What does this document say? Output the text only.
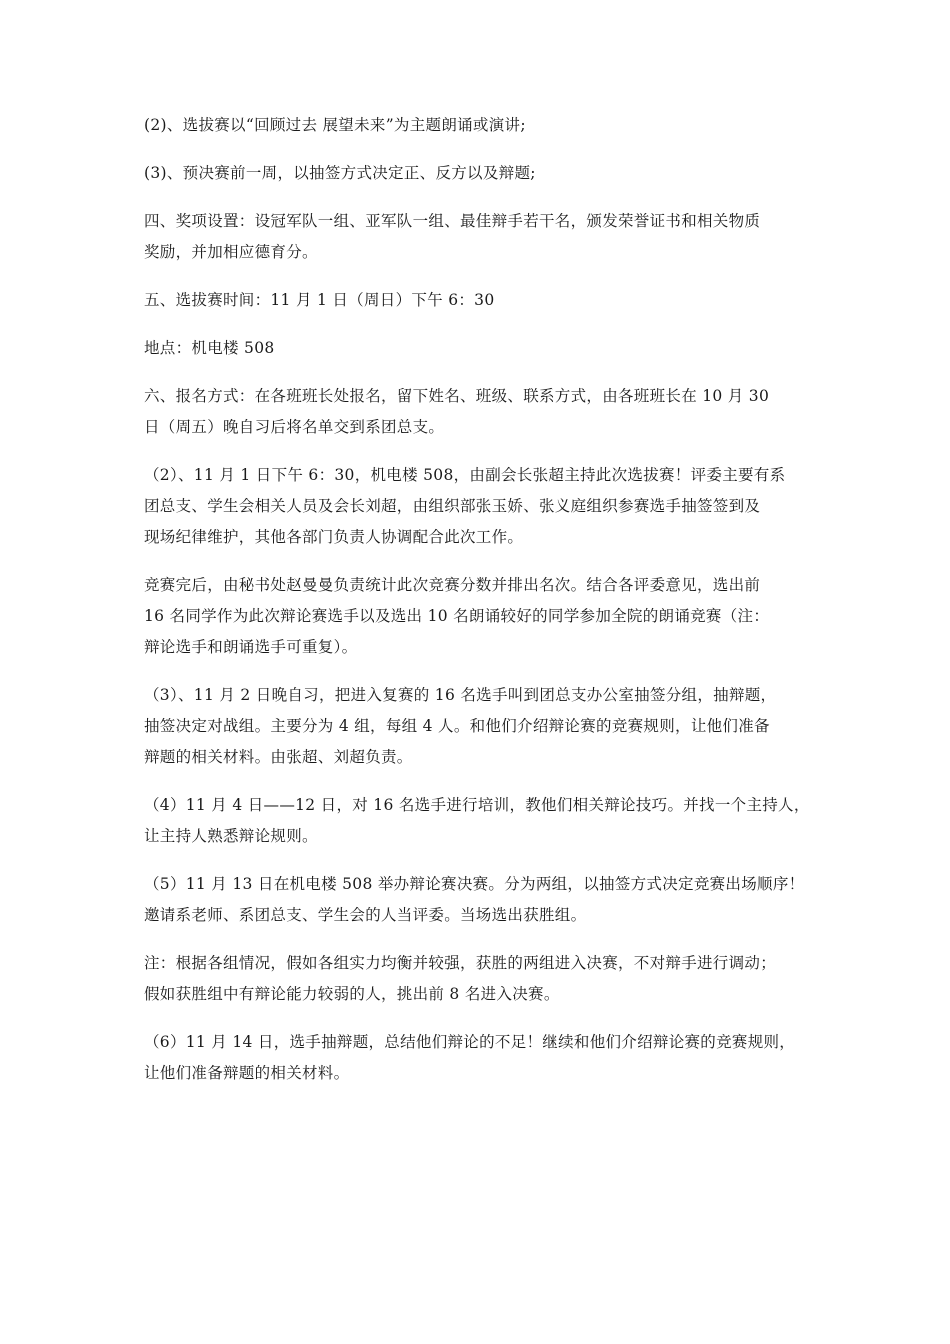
(2)、选拔赛以“回顾过去 展望未来”为主题朗诵或演讲;

(3)、预决赛前一周，以抽签方式决定正、反方以及辩题;

四、奖项设置：设冠军队一组、亚军队一组、最佳辩手若干名，颁发荣誉证书和相关物质
奖励，并加相应德育分。

五、选拔赛时间：11 月 1 日（周日）下午 6：30

地点：机电楼 508

六、报名方式：在各班班长处报名，留下姓名、班级、联系方式，由各班班长在 10 月 30
日（周五）晚自习后将名单交到系团总支。

（2）、11 月 1 日下午 6：30，机电楼 508，由副会长张超主持此次选拔赛！评委主要有系
团总支、学生会相关人员及会长刘超，由组织部张玉娇、张义庭组织参赛选手抽签签到及
现场纪律维护，其他各部门负责人协调配合此次工作。

竞赛完后，由秘书处赵曼曼负责统计此次竞赛分数并排出名次。结合各评委意见，选出前
16 名同学作为此次辩论赛选手以及选出 10 名朗诵较好的同学参加全院的朗诵竞赛（注：
辩论选手和朗诵选手可重复）。

（3）、11 月 2 日晚自习，把进入复赛的 16 名选手叫到团总支办公室抽签分组，抽辩题，
抽签决定对战组。主要分为 4 组，每组 4 人。和他们介绍辩论赛的竞赛规则，让他们准备
辩题的相关材料。由张超、刘超负责。

（4）11 月 4 日——12 日，对 16 名选手进行培训，教他们相关辩论技巧。并找一个主持人，
让主持人熟悉辩论规则。

（5）11 月 13 日在机电楼 508 举办辩论赛决赛。分为两组，以抽签方式决定竞赛出场顺序！
邀请系老师、系团总支、学生会的人当评委。当场选出获胜组。

注：根据各组情况，假如各组实力均衡并较强，获胜的两组进入决赛，不对辩手进行调动；
假如获胜组中有辩论能力较弱的人，挑出前 8 名进入决赛。

（6）11 月 14 日，选手抽辩题，总结他们辩论的不足！继续和他们介绍辩论赛的竞赛规则，
让他们准备辩题的相关材料。
